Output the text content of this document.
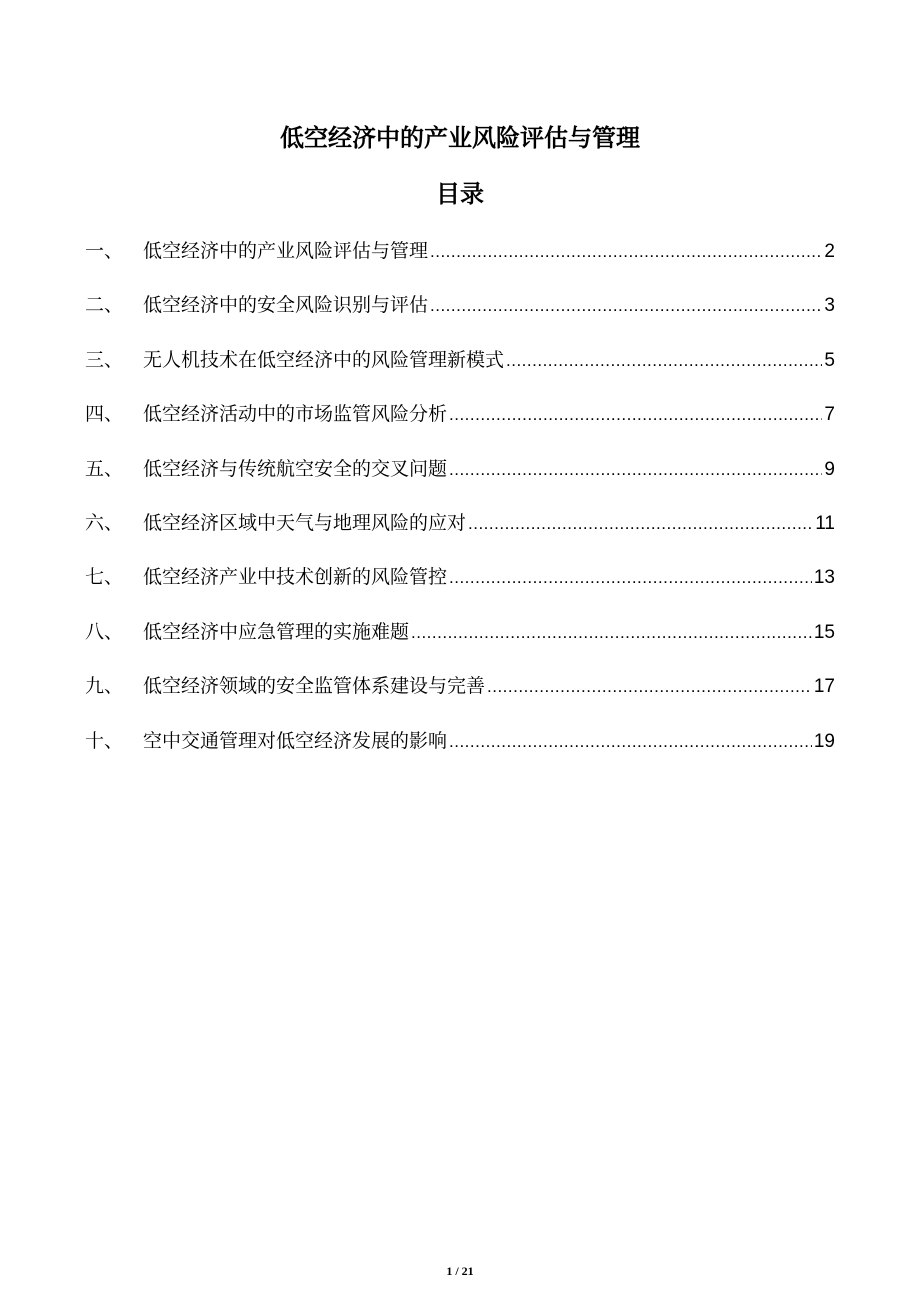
低空经济中的产业风险评估与管理
目录
一、	低空经济中的产业风险评估与管理 .....	2
二、	低空经济中的安全风险识别与评估 .....	3
三、	无人机技术在低空经济中的风险管理新模式 .....	5
四、	低空经济活动中的市场监管风险分析 .....	7
五、	低空经济与传统航空安全的交叉问题 .....	9
六、	低空经济区域中天气与地理风险的应对 .....	11
七、	低空经济产业中技术创新的风险管控 .....	13
八、	低空经济中应急管理的实施难题 .....	15
九、	低空经济领域的安全监管体系建设与完善 .....	17
十、	空中交通管理对低空经济发展的影响 .....	19
1 / 21
